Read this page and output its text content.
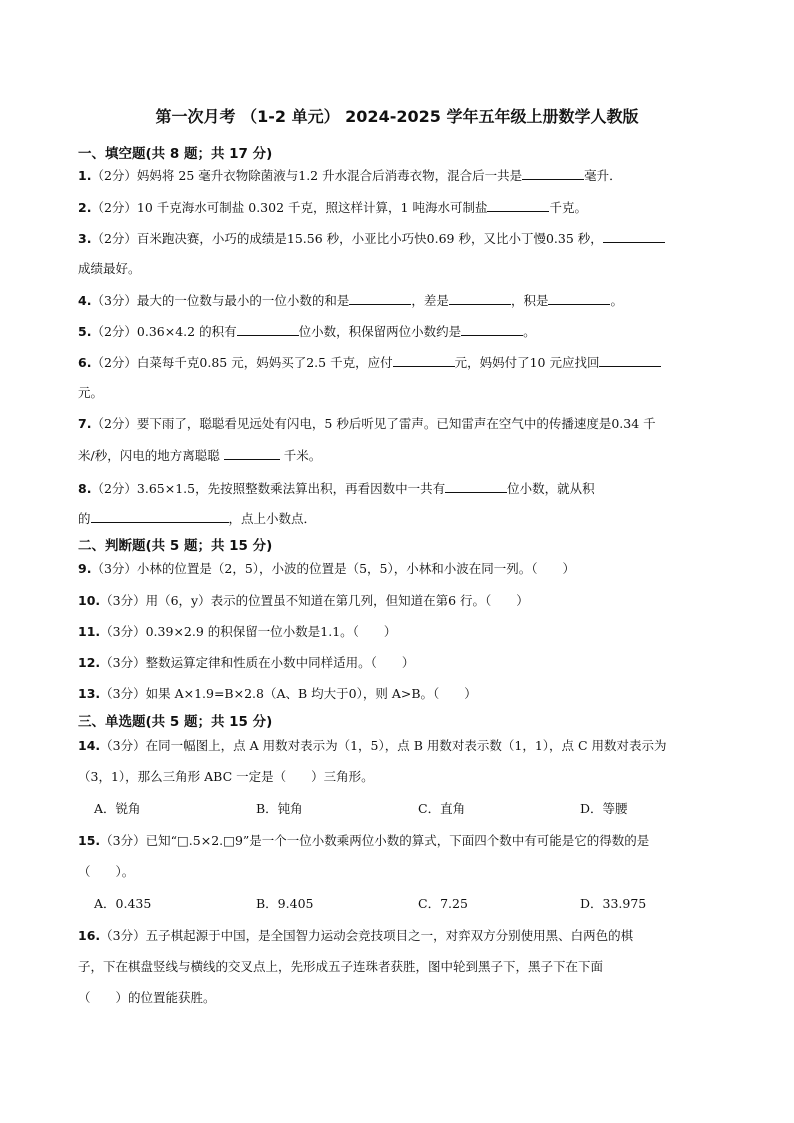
第一次月考 （1-2 单元） 2024-2025 学年五年级上册数学人教版
一、填空题(共 8 题；共 17 分)
1.（2分）妈妈将 25 毫升衣物除菌液与1.2 升水混合后消毒衣物，混合后一共是	毫升．
2.（2分）10 千克海水可制盐 0.302 千克，照这样计算，1 吨海水可制盐	千克。
3.（2分）百米跑决赛，小巧的成绩是15.56 秒，小亚比小巧快0.69 秒，又比小丁慢0.35 秒，
成绩最好。
4.（3分）最大的一位数与最小的一位小数的和是	，差是	，积是	。
5.（2分）0.36×4.2 的积有	位小数，积保留两位小数约是	。
6.（2分）白菜每千克0.85 元，妈妈买了2.5 千克，应付	元，妈妈付了10 元应找回
元。
7.（2分）要下雨了，聪聪看见远处有闪电，5 秒后听见了雷声。已知雷声在空气中的传播速度是0.34 千
米/秒，闪电的地方离聪聪	千米。
8.（2分）3.65×1.5，先按照整数乘法算出积，再看因数中一共有	位小数，就从积
的	，点上小数点．
二、判断题(共 5 题；共 15 分)
9.（3分）小林的位置是（2，5），小波的位置是（5，5），小林和小波在同一列。（　　）
10.（3分）用（6，y）表示的位置虽不知道在第几列，但知道在第6 行。（　　）
11.（3分）0.39×2.9 的积保留一位小数是1.1。（　　）
12.（3分）整数运算定律和性质在小数中同样适用。（　　）
13.（3分）如果 A×1.9=B×2.8（A、B 均大于0），则 A>B。（　　）
三、单选题(共 5 题；共 15 分)
14.（3分）在同一幅图上，点 A 用数对表示为（1，5），点 B 用数对表示数（1，1），点 C 用数对表示为
（3，1），那么三角形 ABC 一定是（　　）三角形。
A．锐角	B．钝角	C．直角	D．等腰
15.（3分）已知“□.5×2.□9”是一个一位小数乘两位小数的算式，下面四个数中有可能是它的得数的是
（　　）。
A．0.435	B．9.405	C．7.25	D．33.975
16.（3分）五子棋起源于中国，是全国智力运动会竞技项目之一，对弈双方分别使用黑、白两色的棋
子，下在棋盘竖线与横线的交叉点上，先形成五子连珠者获胜，图中轮到黑子下，黑子下在下面
（　　）的位置能获胜。
